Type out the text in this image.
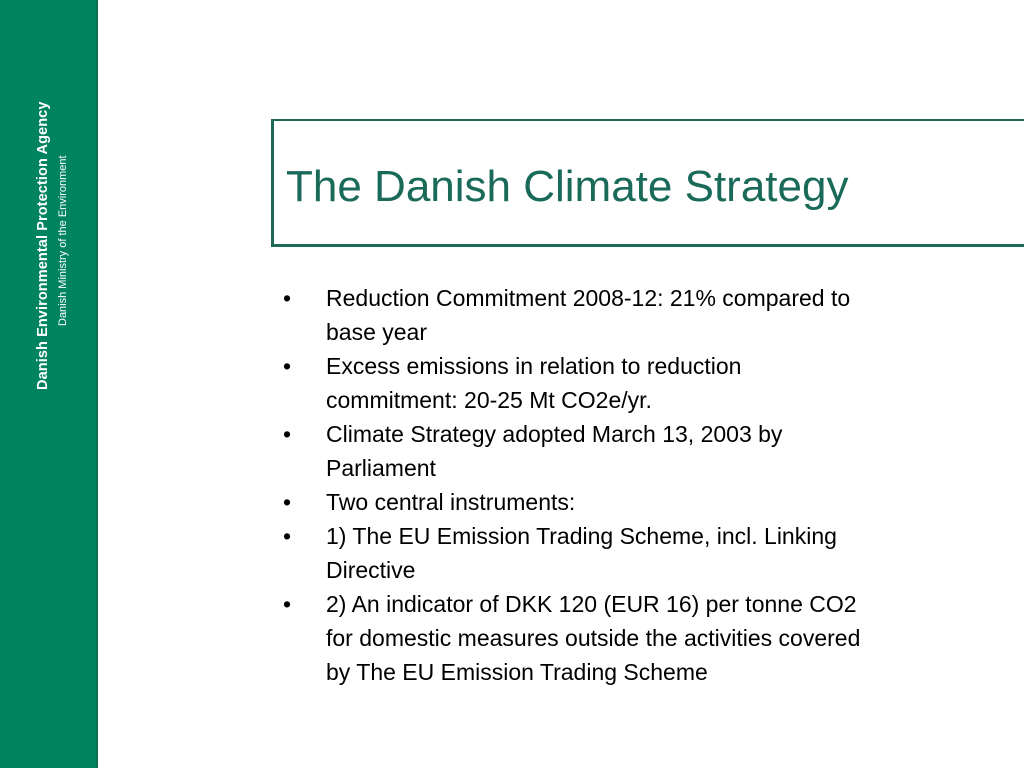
Danish Environmental Protection Agency Danish Ministry of the Environment	The Danish Climate Strategy
• Reduction Commitment 2008-12: 21% compared to
base year
• Excess emissions in relation to reduction
commitment: 20-25 Mt CO2e/yr.
• Climate Strategy adopted March 13, 2003 by
Parliament
• Two central instruments:
• 1) The EU Emission Trading Scheme, incl. Linking
Directive
• 2) An indicator of DKK 120 (EUR 16) per tonne CO2
for domestic measures outside the activities covered
by The EU Emission Trading Scheme
